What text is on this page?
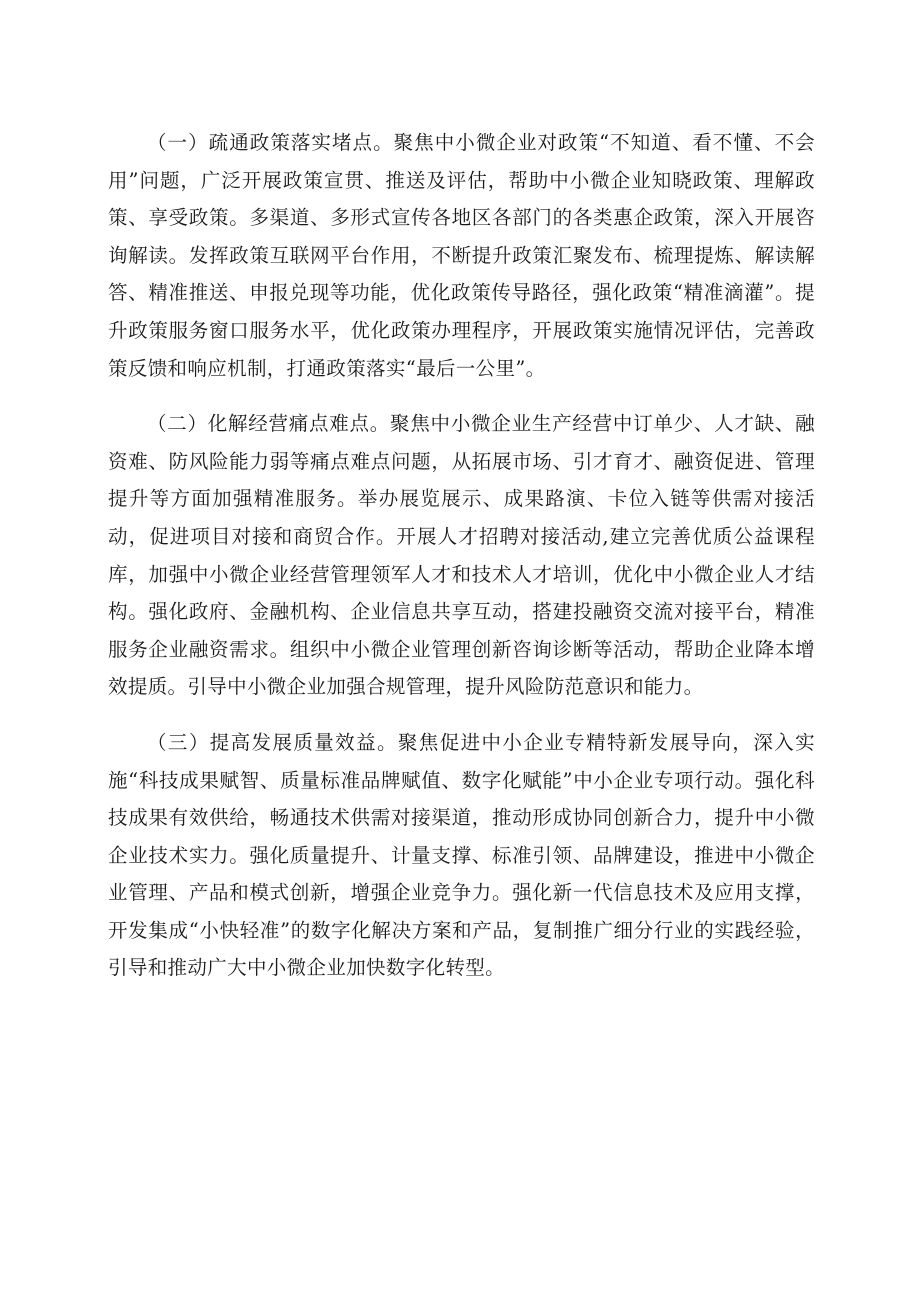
（一）疏通政策落实堵点。聚焦中小微企业对政策“不知道、看不懂、不会用”问题，广泛开展政策宣贯、推送及评估，帮助中小微企业知晓政策、理解政策、享受政策。多渠道、多形式宣传各地区各部门的各类惠企政策，深入开展咨询解读。发挥政策互联网平台作用，不断提升政策汇聚发布、梳理提炼、解读解答、精准推送、申报兑现等功能，优化政策传导路径，强化政策“精准滴灌”。提升政策服务窗口服务水平，优化政策办理程序，开展政策实施情况评估，完善政策反馈和响应机制，打通政策落实“最后一公里”。

（二）化解经营痛点难点。聚焦中小微企业生产经营中订单少、人才缺、融资难、防风险能力弱等痛点难点问题，从拓展市场、引才育才、融资促进、管理提升等方面加强精准服务。举办展览展示、成果路演、卡位入链等供需对接活动，促进项目对接和商贸合作。开展人才招聘对接活动,建立完善优质公益课程库，加强中小微企业经营管理领军人才和技术人才培训，优化中小微企业人才结构。强化政府、金融机构、企业信息共享互动，搭建投融资交流对接平台，精准服务企业融资需求。组织中小微企业管理创新咨询诊断等活动，帮助企业降本增效提质。引导中小微企业加强合规管理，提升风险防范意识和能力。

（三）提高发展质量效益。聚焦促进中小企业专精特新发展导向，深入实施“科技成果赋智、质量标准品牌赋值、数字化赋能”中小企业专项行动。强化科技成果有效供给，畅通技术供需对接渠道，推动形成协同创新合力，提升中小微企业技术实力。强化质量提升、计量支撑、标准引领、品牌建设，推进中小微企业管理、产品和模式创新，增强企业竞争力。强化新一代信息技术及应用支撑，开发集成“小快轻准”的数字化解决方案和产品，复制推广细分行业的实践经验，引导和推动广大中小微企业加快数字化转型。
